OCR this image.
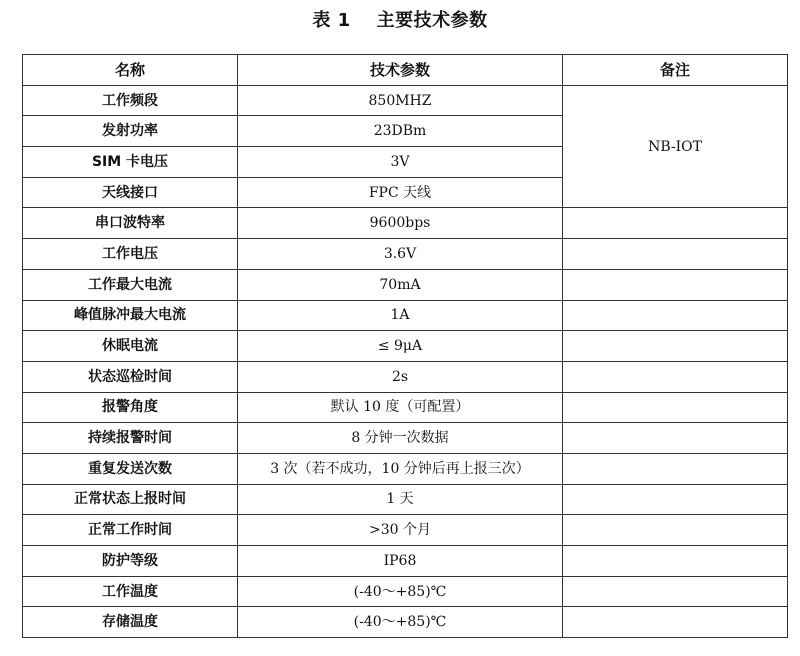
表 1 主要技术参数
名称	技术参数	备注
工作频段	850MHZ	NB-IOT
发射功率	23DBm	
SIM 卡电压	3V	
天线接口	FPC 天线	
串口波特率	9600bps	
工作电压	3.6V	
工作最大电流	70mA	
峰值脉冲最大电流	1A	
休眠电流	≤ 9μA	
状态巡检时间	2s	
报警角度	默认 10 度（可配置）	
持续报警时间	8 分钟一次数据	
重复发送次数	3 次（若不成功，10 分钟后再上报三次）	
正常状态上报时间	1 天	
正常工作时间	>30 个月	
防护等级	IP68	
工作温度	(-40～+85)℃	
存储温度	(-40～+85)℃	
